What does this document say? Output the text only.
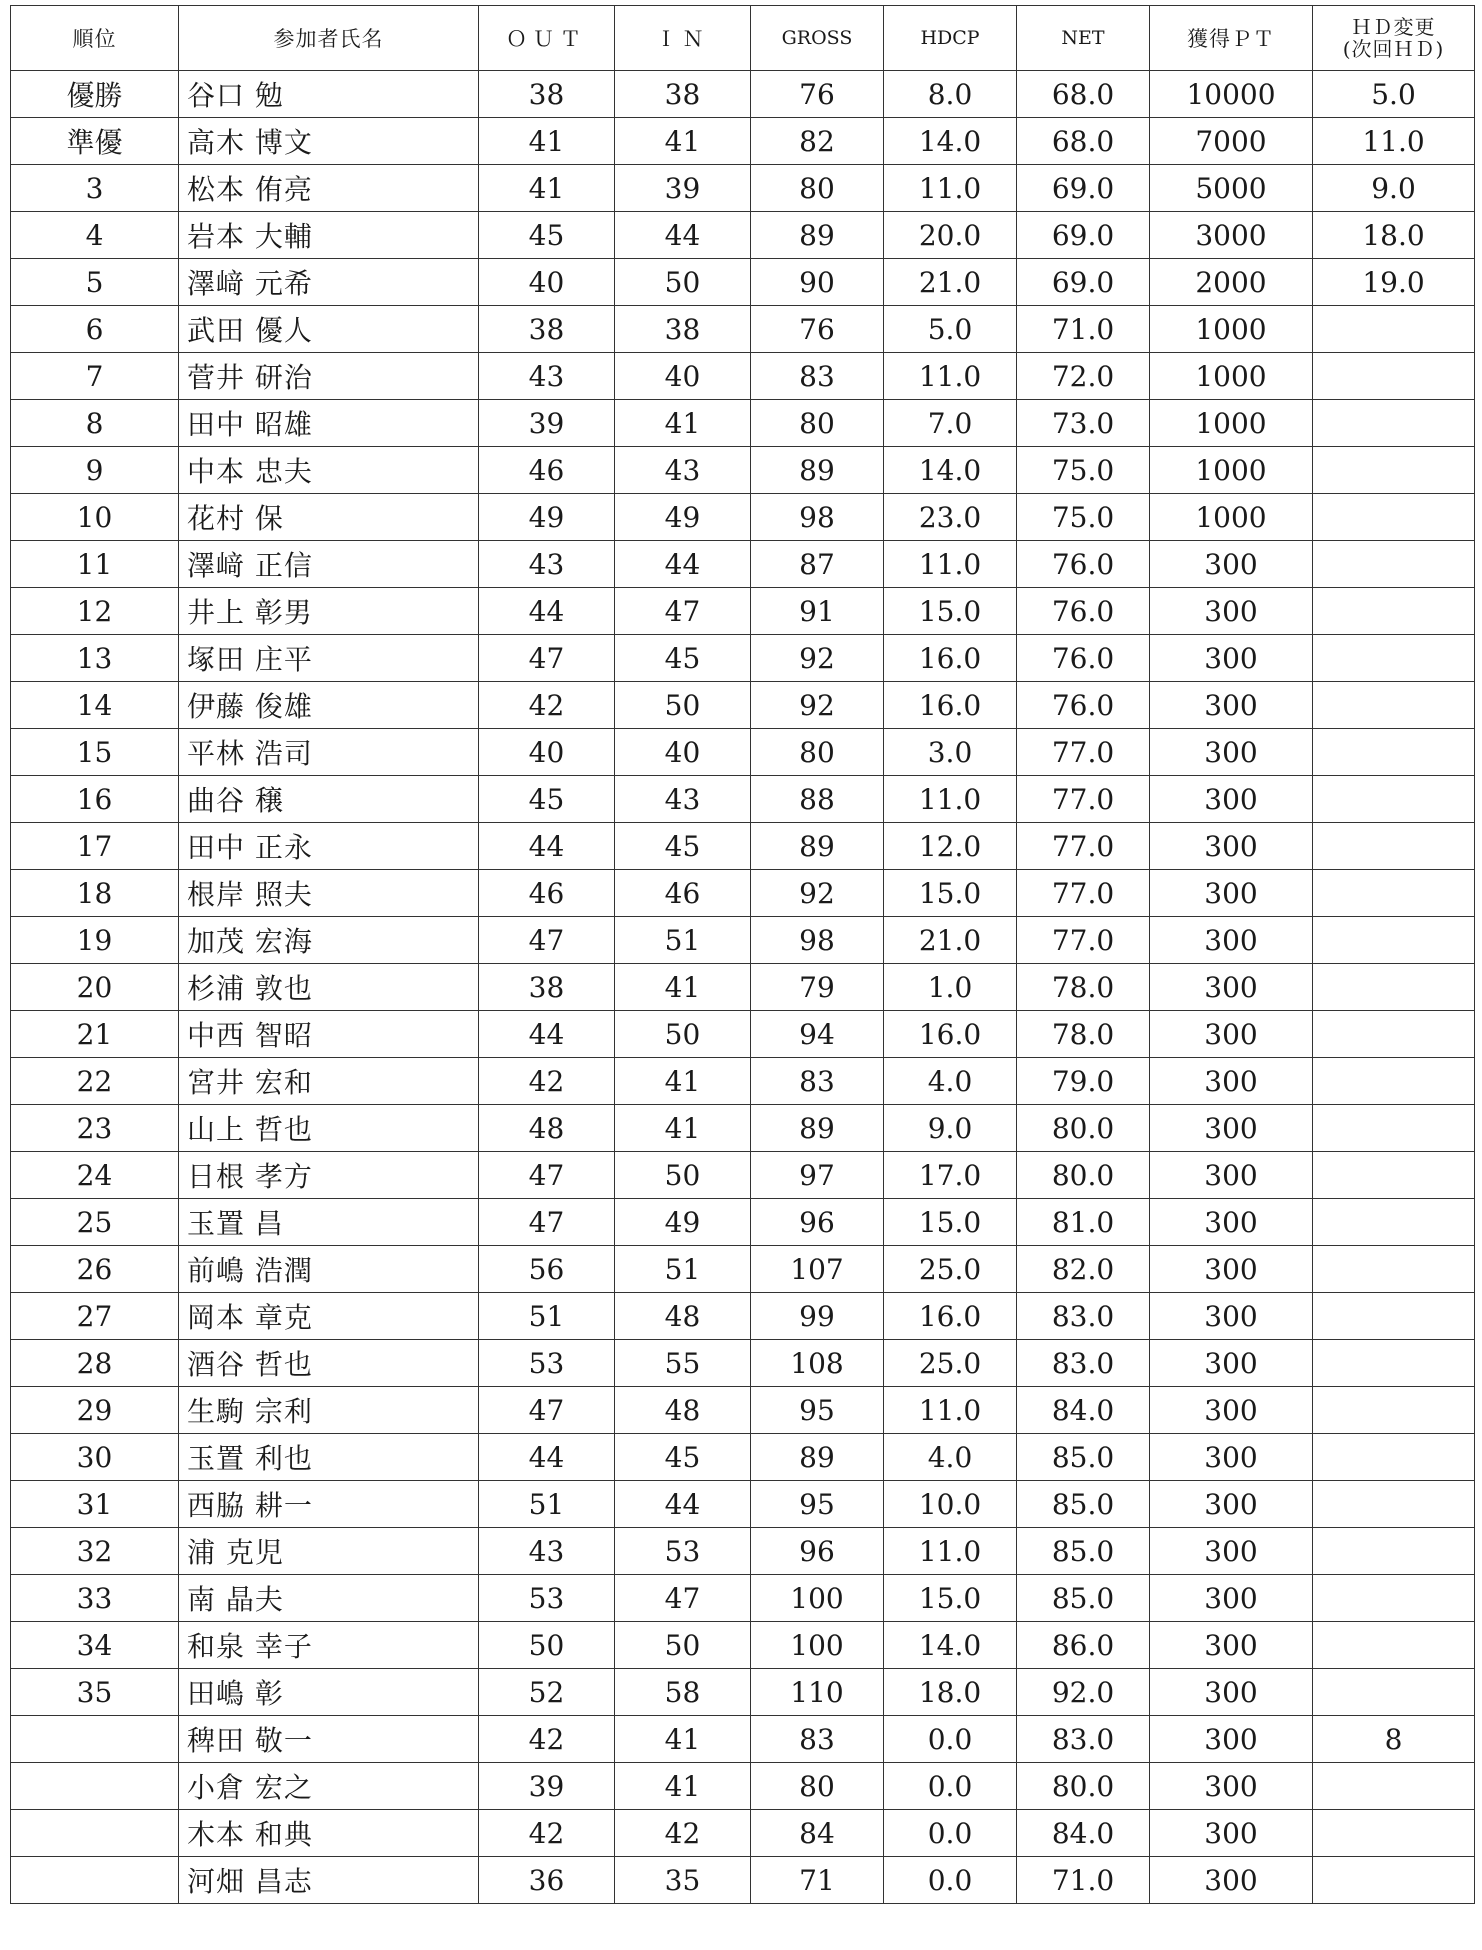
順位	参加者氏名	ＯＵＴ	ＩＮ	GROSS	HDCP	NET	獲得ＰＴ	ＨＤ変更
(次回ＨＤ)
優勝	谷口 勉	38	38	76	8.0	68.0	10000	5.0
準優	高木 博文	41	41	82	14.0	68.0	7000	11.0
3	松本 侑亮	41	39	80	11.0	69.0	5000	9.0
4	岩本 大輔	45	44	89	20.0	69.0	3000	18.0
5	澤﨑 元希	40	50	90	21.0	69.0	2000	19.0
6	武田 優人	38	38	76	5.0	71.0	1000	
7	菅井 研治	43	40	83	11.0	72.0	1000	
8	田中 昭雄	39	41	80	7.0	73.0	1000	
9	中本 忠夫	46	43	89	14.0	75.0	1000	
10	花村 保	49	49	98	23.0	75.0	1000	
11	澤﨑 正信	43	44	87	11.0	76.0	300	
12	井上 彰男	44	47	91	15.0	76.0	300	
13	塚田 庄平	47	45	92	16.0	76.0	300	
14	伊藤 俊雄	42	50	92	16.0	76.0	300	
15	平林 浩司	40	40	80	3.0	77.0	300	
16	曲谷 穣	45	43	88	11.0	77.0	300	
17	田中 正永	44	45	89	12.0	77.0	300	
18	根岸 照夫	46	46	92	15.0	77.0	300	
19	加茂 宏海	47	51	98	21.0	77.0	300	
20	杉浦 敦也	38	41	79	1.0	78.0	300	
21	中西 智昭	44	50	94	16.0	78.0	300	
22	宮井 宏和	42	41	83	4.0	79.0	300	
23	山上 哲也	48	41	89	9.0	80.0	300	
24	日根 孝方	47	50	97	17.0	80.0	300	
25	玉置 昌	47	49	96	15.0	81.0	300	
26	前嶋 浩潤	56	51	107	25.0	82.0	300	
27	岡本 章克	51	48	99	16.0	83.0	300	
28	酒谷 哲也	53	55	108	25.0	83.0	300	
29	生駒 宗利	47	48	95	11.0	84.0	300	
30	玉置 利也	44	45	89	4.0	85.0	300	
31	西脇 耕一	51	44	95	10.0	85.0	300	
32	浦 克児	43	53	96	11.0	85.0	300	
33	南 晶夫	53	47	100	15.0	85.0	300	
34	和泉 幸子	50	50	100	14.0	86.0	300	
35	田嶋 彰	52	58	110	18.0	92.0	300	
	稗田 敬一	42	41	83	0.0	83.0	300	8
	小倉 宏之	39	41	80	0.0	80.0	300	
	木本 和典	42	42	84	0.0	84.0	300	
	河畑 昌志	36	35	71	0.0	71.0	300	
